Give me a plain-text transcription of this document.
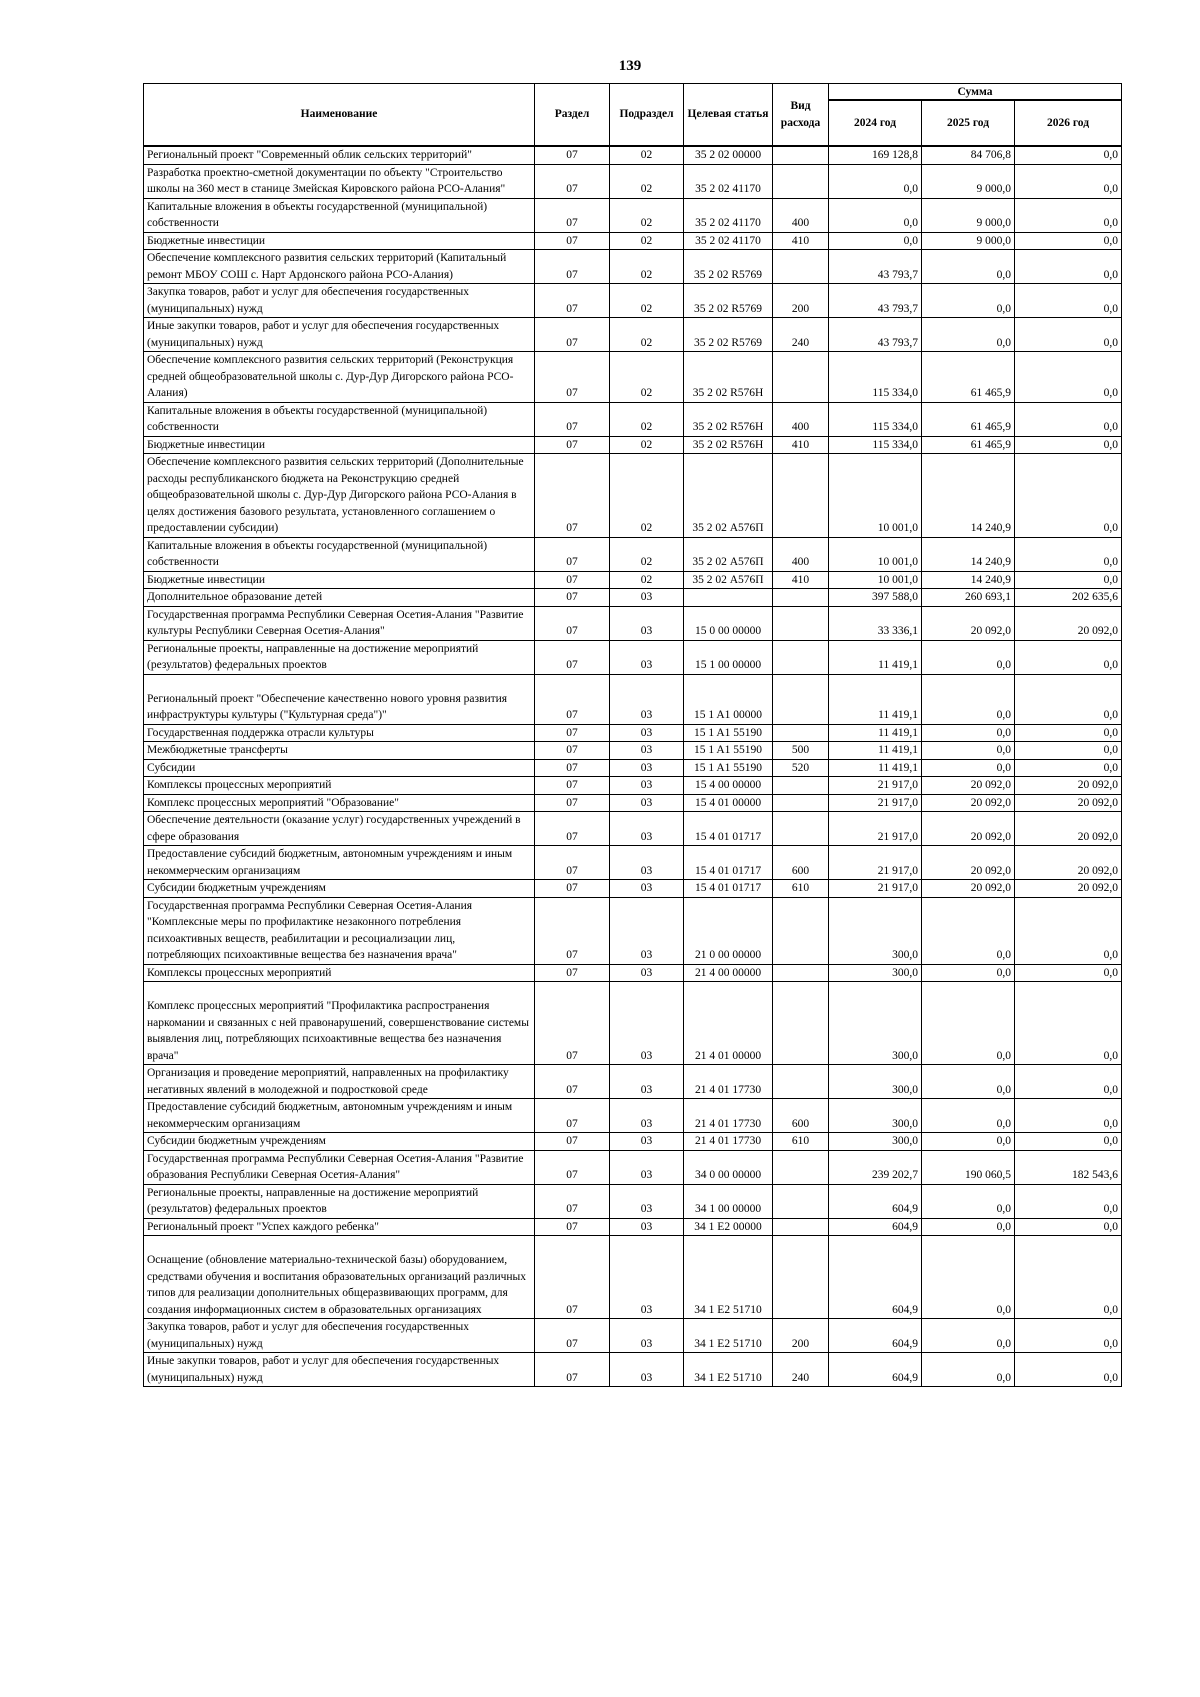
139
Наименование	Раздел	Подраздел	Целевая статья	Вид расхода	Сумма		
					2024 год	2025 год	2026 год
Региональный проект "Современный облик сельских территорий"	07	02	35 2 02 00000		169 128,8	84 706,8	0,0
Разработка проектно-сметной документации по объекту "Строительство школы на 360 мест в станице Змейская Кировского района РСО-Алания"	07	02	35 2 02 41170		0,0	9 000,0	0,0
Капитальные вложения в объекты государственной (муниципальной) собственности	07	02	35 2 02 41170	400	0,0	9 000,0	0,0
Бюджетные инвестиции	07	02	35 2 02 41170	410	0,0	9 000,0	0,0
Обеспечение комплексного развития сельских территорий (Капитальный ремонт МБОУ СОШ с. Нарт Ардонского района РСО-Алания)	07	02	35 2 02 R5769		43 793,7	0,0	0,0
Закупка товаров, работ и услуг для обеспечения государственных (муниципальных) нужд	07	02	35 2 02 R5769	200	43 793,7	0,0	0,0
Иные закупки товаров, работ и услуг для обеспечения государственных (муниципальных) нужд	07	02	35 2 02 R5769	240	43 793,7	0,0	0,0
Обеспечение комплексного развития сельских территорий (Реконструкция средней общеобразовательной школы с. Дур-Дур Дигорского района РСО-Алания)	07	02	35 2 02 R576H		115 334,0	61 465,9	0,0
Капитальные вложения в объекты государственной (муниципальной) собственности	07	02	35 2 02 R576H	400	115 334,0	61 465,9	0,0
Бюджетные инвестиции	07	02	35 2 02 R576H	410	115 334,0	61 465,9	0,0
Обеспечение комплексного развития сельских территорий (Дополнительные расходы республиканского бюджета на Реконструкцию средней общеобразовательной школы с. Дур-Дур Дигорского района РСО-Алания в целях достижения базового результата, установленного соглашением о предоставлении субсидии)	07	02	35 2 02 А576П		10 001,0	14 240,9	0,0
Капитальные вложения в объекты государственной (муниципальной) собственности	07	02	35 2 02 А576П	400	10 001,0	14 240,9	0,0
Бюджетные инвестиции	07	02	35 2 02 А576П	410	10 001,0	14 240,9	0,0
Дополнительное образование детей	07	03			397 588,0	260 693,1	202 635,6
Государственная программа Республики Северная Осетия-Алания "Развитие культуры Республики Северная Осетия-Алания"	07	03	15 0 00 00000		33 336,1	20 092,0	20 092,0
Региональные проекты, направленные на достижение мероприятий (результатов) федеральных проектов	07	03	15 1 00 00000		11 419,1	0,0	0,0
Региональный проект "Обеспечение качественно нового уровня развития инфраструктуры культуры ("Культурная среда")"	07	03	15 1 A1 00000		11 419,1	0,0	0,0
Государственная поддержка отрасли культуры	07	03	15 1 A1 55190		11 419,1	0,0	0,0
Межбюджетные трансферты	07	03	15 1 A1 55190	500	11 419,1	0,0	0,0
Субсидии	07	03	15 1 A1 55190	520	11 419,1	0,0	0,0
Комплексы процессных мероприятий	07	03	15 4 00 00000		21 917,0	20 092,0	20 092,0
Комплекс процессных мероприятий "Образование"	07	03	15 4 01 00000		21 917,0	20 092,0	20 092,0
Обеспечение деятельности (оказание услуг) государственных учреждений в сфере образования	07	03	15 4 01 01717		21 917,0	20 092,0	20 092,0
Предоставление субсидий бюджетным, автономным учреждениям и иным некоммерческим организациям	07	03	15 4 01 01717	600	21 917,0	20 092,0	20 092,0
Субсидии бюджетным учреждениям	07	03	15 4 01 01717	610	21 917,0	20 092,0	20 092,0
Государственная программа Республики Северная Осетия-Алания "Комплексные меры по профилактике незаконного потребления психоактивных веществ, реабилитации и ресоциализации лиц, потребляющих психоактивные вещества без назначения врача"	07	03	21 0 00 00000		300,0	0,0	0,0
Комплексы процессных мероприятий	07	03	21 4 00 00000		300,0	0,0	0,0
Комплекс процессных мероприятий "Профилактика распространения наркомании и связанных с ней правонарушений, совершенствование системы выявления лиц, потребляющих психоактивные вещества без назначения врача"	07	03	21 4 01 00000		300,0	0,0	0,0
Организация и проведение мероприятий, направленных на профилактику негативных явлений в молодежной и подростковой среде	07	03	21 4 01 17730		300,0	0,0	0,0
Предоставление субсидий бюджетным, автономным учреждениям и иным некоммерческим организациям	07	03	21 4 01 17730	600	300,0	0,0	0,0
Субсидии бюджетным учреждениям	07	03	21 4 01 17730	610	300,0	0,0	0,0
Государственная программа Республики Северная Осетия-Алания "Развитие образования Республики Северная Осетия-Алания"	07	03	34 0 00 00000		239 202,7	190 060,5	182 543,6
Региональные проекты, направленные на достижение мероприятий (результатов) федеральных проектов	07	03	34 1 00 00000		604,9	0,0	0,0
Региональный проект "Успех каждого ребенка"	07	03	34 1 E2 00000		604,9	0,0	0,0
Оснащение (обновление материально-технической базы) оборудованием, средствами обучения и воспитания образовательных организаций различных типов для реализации дополнительных общеразвивающих программ, для создания информационных систем в образовательных организациях	07	03	34 1 E2 51710		604,9	0,0	0,0
Закупка товаров, работ и услуг для обеспечения государственных (муниципальных) нужд	07	03	34 1 E2 51710	200	604,9	0,0	0,0
Иные закупки товаров, работ и услуг для обеспечения государственных (муниципальных) нужд	07	03	34 1 E2 51710	240	604,9	0,0	0,0
